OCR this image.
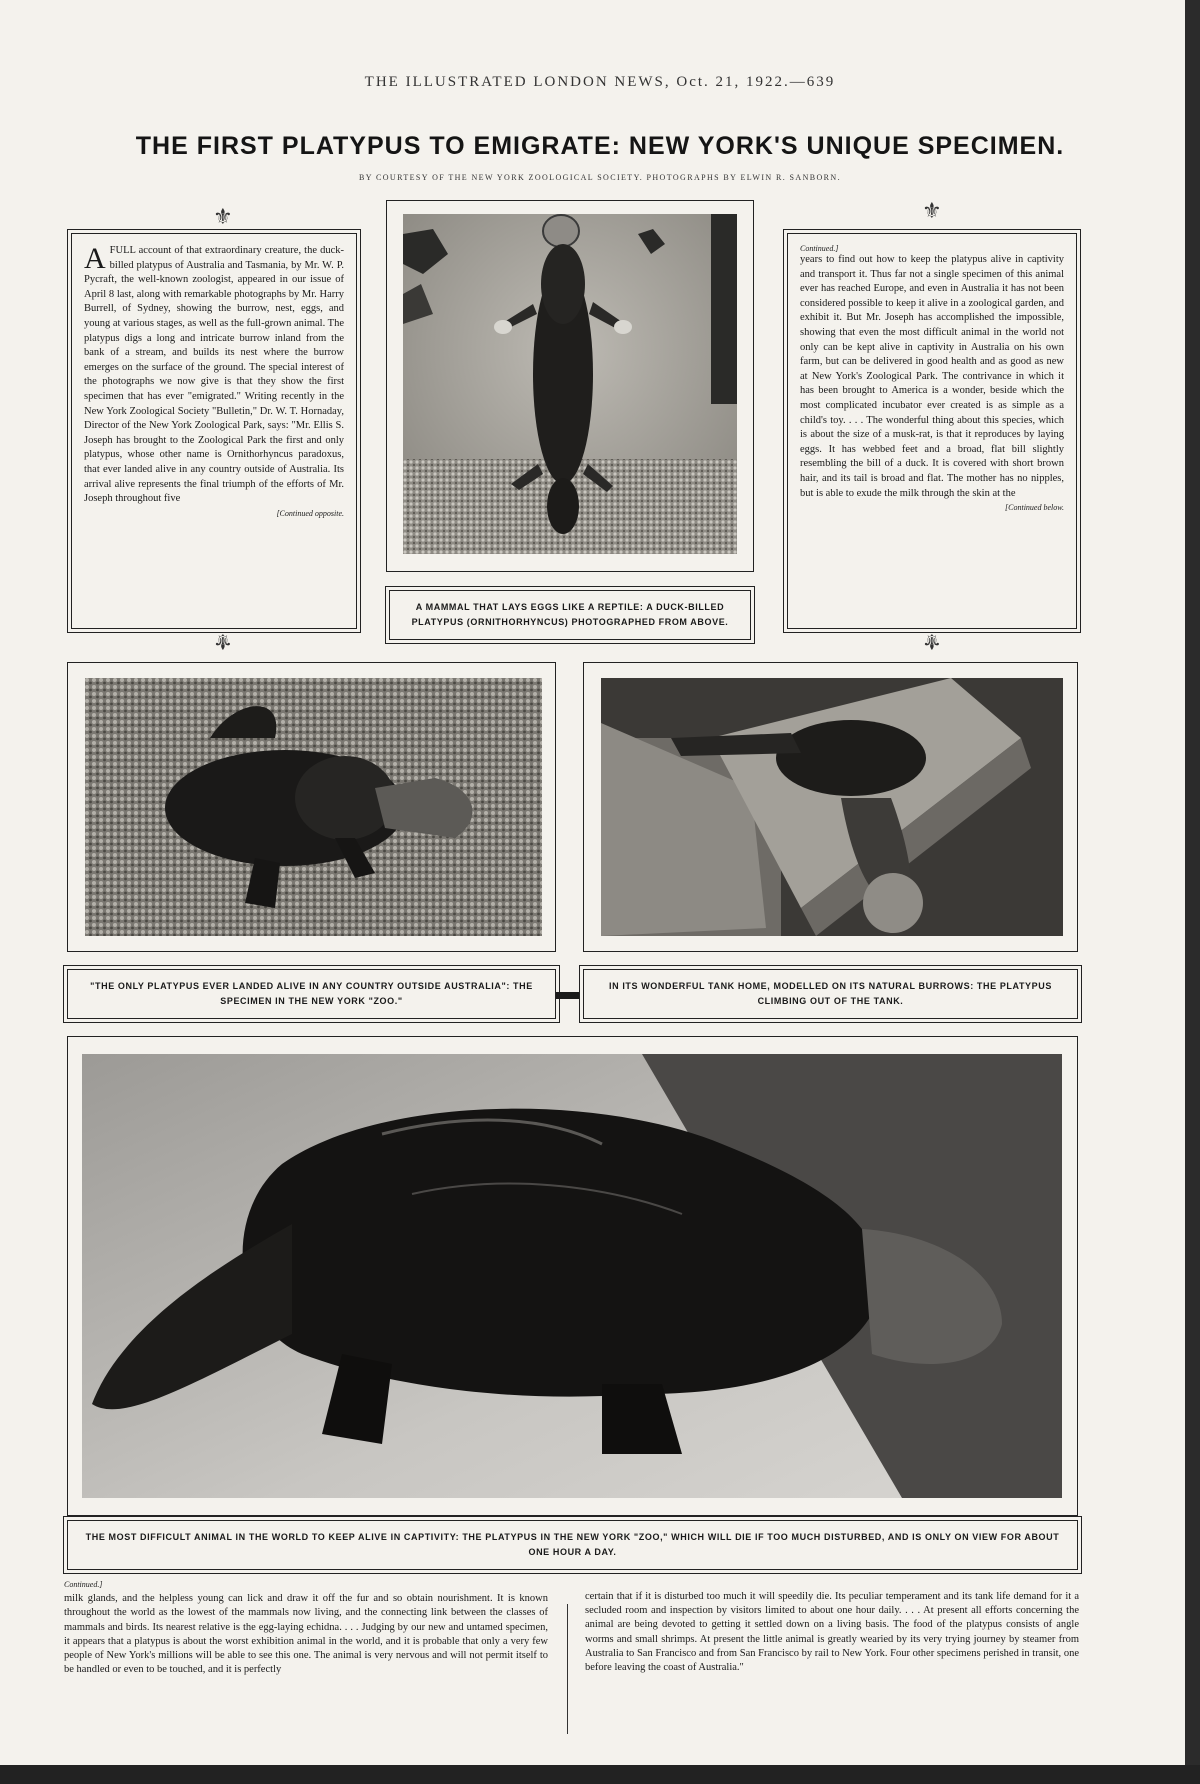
THE ILLUSTRATED LONDON NEWS, Oct. 21, 1922.—639
THE FIRST PLATYPUS TO EMIGRATE: NEW YORK'S UNIQUE SPECIMEN.
BY COURTESY OF THE NEW YORK ZOOLOGICAL SOCIETY. PHOTOGRAPHS BY ELWIN R. SANBORN.
⚜
⚜
⚜
⚜

A FULL account of that extraordinary creature, the duck-billed platypus of Australia and Tasmania, by Mr. W. P. Pycraft, the well-known zoologist, appeared in our issue of April 8 last, along with remarkable photographs by Mr. Harry Burrell, of Sydney, showing the burrow, nest, eggs, and young at various stages, as well as the full-grown animal. The platypus digs a long and intricate burrow inland from the bank of a stream, and builds its nest where the burrow emerges on the surface of the ground. The special interest of the photographs we now give is that they show the first specimen that has ever "emigrated." Writing recently in the New York Zoological Society "Bulletin," Dr. W. T. Hornaday, Director of the New York Zoological Park, says: "Mr. Ellis S. Joseph has brought to the Zoological Park the first and only platypus, whose other name is Ornithorhyncus paradoxus, that ever landed alive in any country outside of Australia. Its arrival alive represents the final triumph of the efforts of Mr. Joseph throughout five

[Continued opposite.

A MAMMAL THAT LAYS EGGS LIKE A REPTILE: A DUCK-BILLED PLATYPUS (ORNITHORHYNCUS) PHOTOGRAPHED FROM ABOVE.

Continued.]

years to find out how to keep the platypus alive in captivity and transport it. Thus far not a single specimen of this animal ever has reached Europe, and even in Australia it has not been considered possible to keep it alive in a zoological garden, and exhibit it. But Mr. Joseph has accomplished the impossible, showing that even the most difficult animal in the world not only can be kept alive in captivity in Australia on his own farm, but can be delivered in good health and as good as new at New York's Zoological Park. The contrivance in which it has been brought to America is a wonder, beside which the most complicated incubator ever created is as simple as a child's toy. . . . The wonderful thing about this species, which is about the size of a musk-rat, is that it reproduces by laying eggs. It has webbed feet and a broad, flat bill slightly resembling the bill of a duck. It is covered with short brown hair, and its tail is broad and flat. The mother has no nipples, but is able to exude the milk through the skin at the

[Continued below.

"THE ONLY PLATYPUS EVER LANDED ALIVE IN ANY COUNTRY OUTSIDE AUSTRALIA": THE SPECIMEN IN THE NEW YORK "ZOO."
IN ITS WONDERFUL TANK HOME, MODELLED ON ITS NATURAL BURROWS: THE PLATYPUS CLIMBING OUT OF THE TANK.
THE MOST DIFFICULT ANIMAL IN THE WORLD TO KEEP ALIVE IN CAPTIVITY: THE PLATYPUS IN THE NEW YORK "ZOO," WHICH WILL DIE IF TOO MUCH DISTURBED, AND IS ONLY ON VIEW FOR ABOUT ONE HOUR A DAY.

Continued.]

milk glands, and the helpless young can lick and draw it off the fur and so obtain nourishment. It is known throughout the world as the lowest of the mammals now living, and the connecting link between the classes of mammals and birds. Its nearest relative is the egg-laying echidna. . . . Judging by our new and untamed specimen, it appears that a platypus is about the worst exhibition animal in the world, and it is probable that only a very few people of New York's millions will be able to see this one. The animal is very nervous and will not permit itself to be handled or even to be touched, and it is perfectly

certain that if it is disturbed too much it will speedily die. Its peculiar temperament and its tank life demand for it a secluded room and inspection by visitors limited to about one hour daily. . . . At present all efforts concerning the animal are being devoted to getting it settled down on a living basis. The food of the platypus consists of angle worms and small shrimps. At present the little animal is greatly wearied by its very trying journey by steamer from Australia to San Francisco and from San Francisco by rail to New York. Four other specimens perished in transit, one before leaving the coast of Australia."
